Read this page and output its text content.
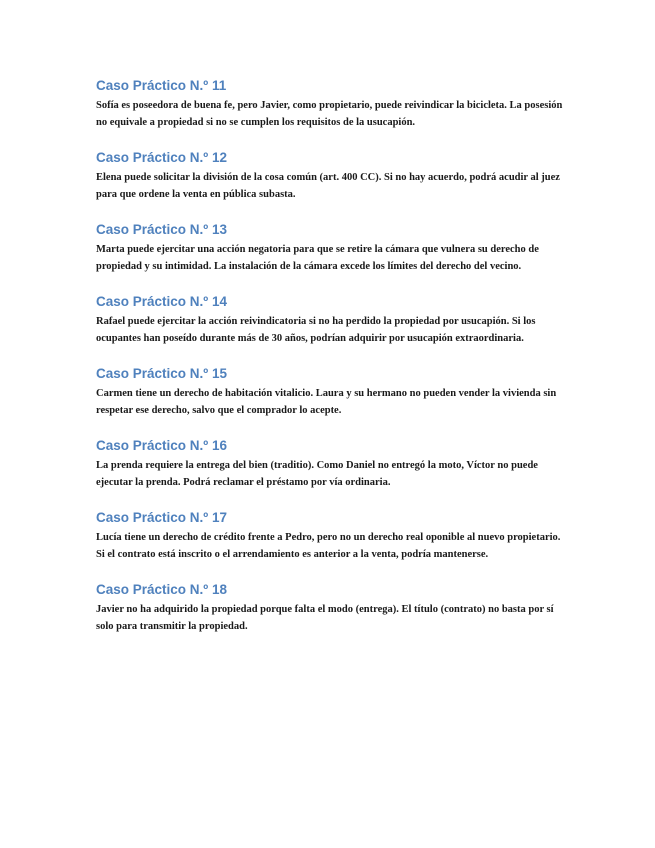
Caso Práctico N.º 11

Sofía es poseedora de buena fe, pero Javier, como propietario, puede reivindicar la bicicleta. La posesión no equivale a propiedad si no se cumplen los requisitos de la usucapión.

Caso Práctico N.º 12

Elena puede solicitar la división de la cosa común (art. 400 CC). Si no hay acuerdo, podrá acudir al juez para que ordene la venta en pública subasta.

Caso Práctico N.º 13

Marta puede ejercitar una acción negatoria para que se retire la cámara que vulnera su derecho de propiedad y su intimidad. La instalación de la cámara excede los límites del derecho del vecino.

Caso Práctico N.º 14

Rafael puede ejercitar la acción reivindicatoria si no ha perdido la propiedad por usucapión. Si los ocupantes han poseído durante más de 30 años, podrían adquirir por usucapión extraordinaria.

Caso Práctico N.º 15

Carmen tiene un derecho de habitación vitalicio. Laura y su hermano no pueden vender la vivienda sin respetar ese derecho, salvo que el comprador lo acepte.

Caso Práctico N.º 16

La prenda requiere la entrega del bien (traditio). Como Daniel no entregó la moto, Víctor no puede ejecutar la prenda. Podrá reclamar el préstamo por vía ordinaria.

Caso Práctico N.º 17

Lucía tiene un derecho de crédito frente a Pedro, pero no un derecho real oponible al nuevo propietario. Si el contrato está inscrito o el arrendamiento es anterior a la venta, podría mantenerse.

Caso Práctico N.º 18

Javier no ha adquirido la propiedad porque falta el modo (entrega). El título (contrato) no basta por sí solo para transmitir la propiedad.
